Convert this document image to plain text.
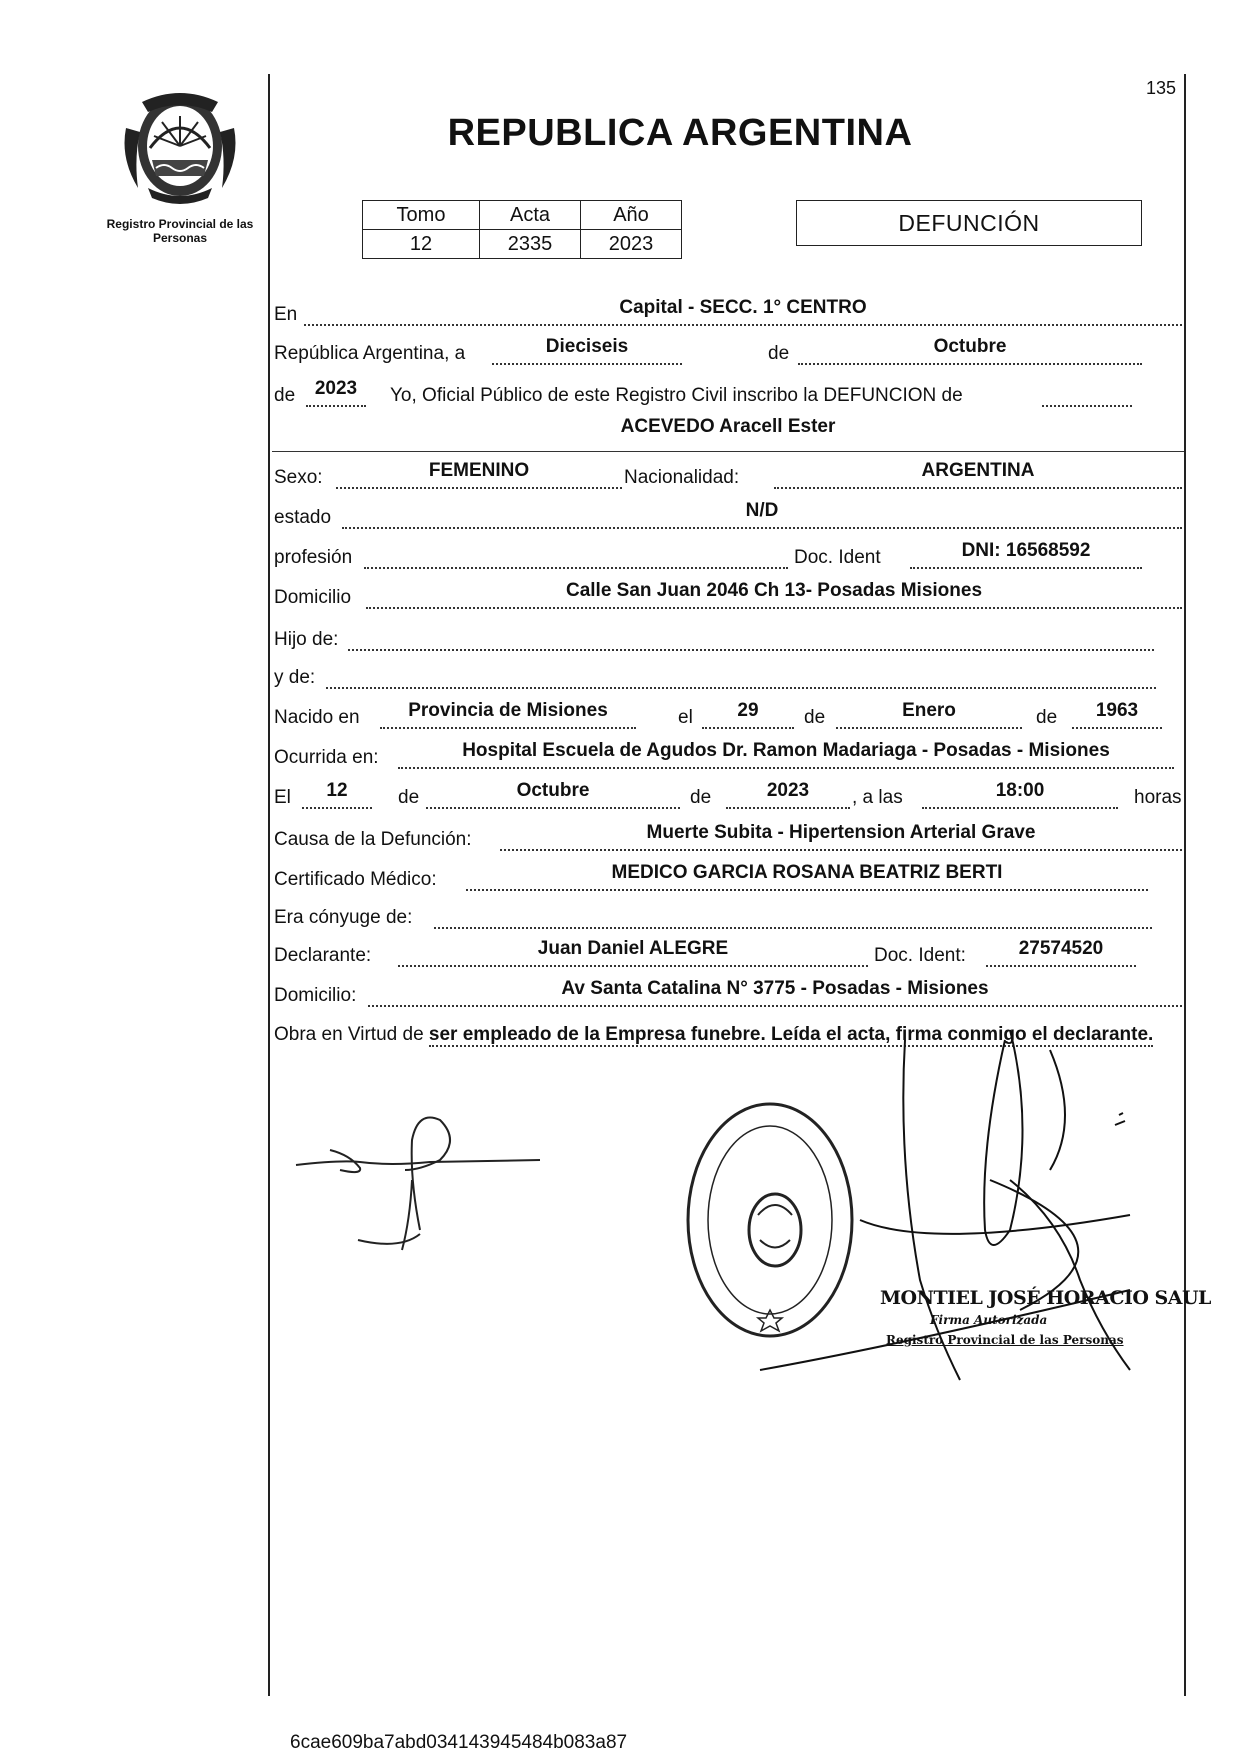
135
Registro Provincial de las Personas
REPUBLICA ARGENTINA
Tomo	Acta	Año
12	2335	2023
DEFUNCIÓN
En	Capital - SECC. 1° CENTRO
República Argentina, a	Dieciseis	de	Octubre
de	2023	Yo, Oficial Público de este Registro Civil inscribo la DEFUNCION de
ACEVEDO Aracell Ester
Sexo:	FEMENINO	Nacionalidad:	ARGENTINA
estado	N/D
profesión	Doc. Ident	DNI: 16568592
Domicilio	Calle San Juan 2046 Ch 13- Posadas Misiones
Hijo de:
y de:
Nacido en	Provincia de Misiones	el	29	de	Enero	de	1963
Ocurrida en:	Hospital Escuela de Agudos Dr. Ramon Madariaga - Posadas - Misiones
El	12	de	Octubre	de	2023	, a las	18:00	horas
Causa de la Defunción:	Muerte Subita - Hipertension Arterial Grave
Certificado Médico:	MEDICO GARCIA ROSANA BEATRIZ BERTI
Era cónyuge de:
Declarante:	Juan Daniel ALEGRE	Doc. Ident:	27574520
Domicilio:	Av Santa Catalina N° 3775 - Posadas - Misiones
Obra en Virtud de ser empleado de la Empresa funebre. Leída el acta, firma conmigo el declarante.
MONTIEL JOSÉ HORACIO SAUL
Firma Autorizada
Registro Provincial de las Personas
6cae609ba7abd034143945484b083a87
